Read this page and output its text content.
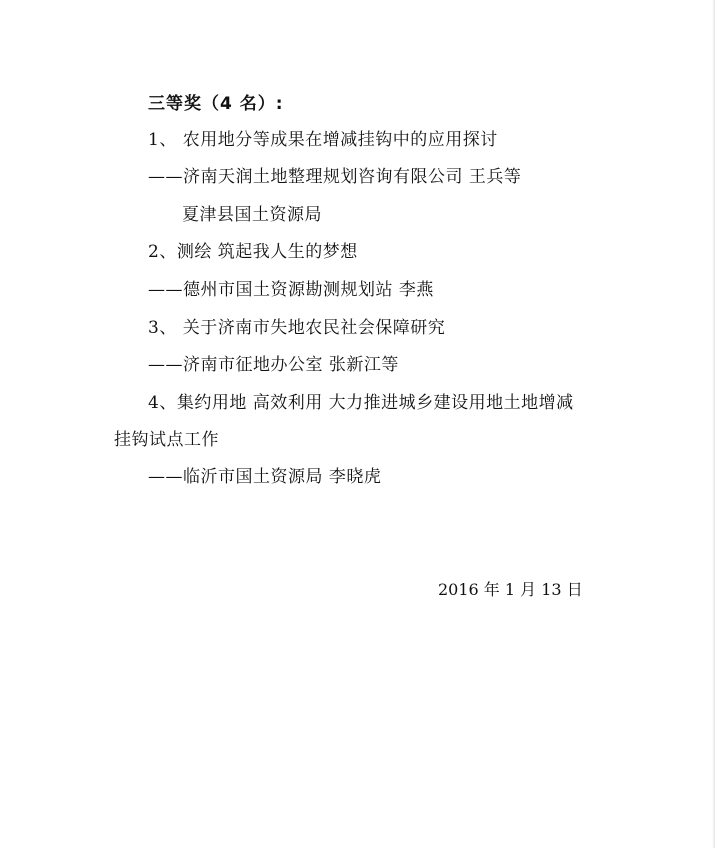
三等奖（4 名）:
1、 农用地分等成果在增减挂钩中的应用探讨
——济南天润土地整理规划咨询有限公司 王兵等
夏津县国土资源局
2、测绘 筑起我人生的梦想
——德州市国土资源勘测规划站 李燕
3、 关于济南市失地农民社会保障研究
——济南市征地办公室 张新江等
4、集约用地 高效利用 大力推进城乡建设用地土地增减
挂钩试点工作
——临沂市国土资源局 李晓虎
2016 年 1 月 13 日
